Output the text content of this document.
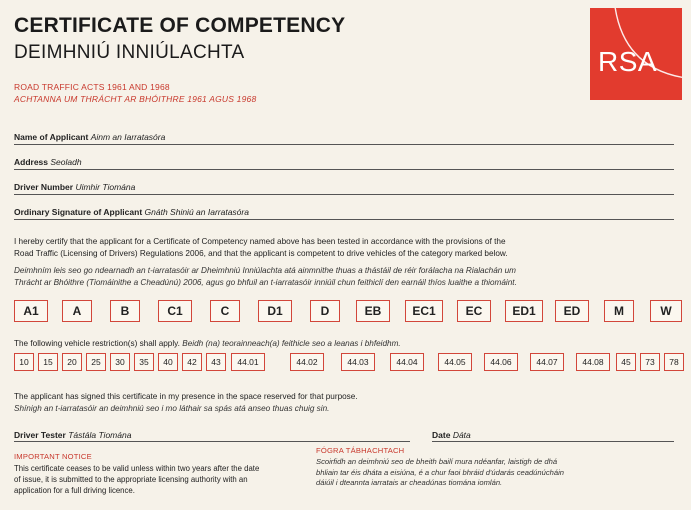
CERTIFICATE OF COMPETENCY
DEIMHNIÚ INNIÚLACHTA
ROAD TRAFFIC ACTS 1961 AND 1968
ACHTANNA UM THRÁCHT AR BHÓITHRE 1961 AGUS 1968
RSA
Name of Applicant Ainm an Iarratasóra
Address Seoladh
Driver Number Uimhir Tiomána
Ordinary Signature of Applicant Gnáth Shiniú an Iarratasóra
I hereby certify that the applicant for a Certificate of Competency named above has been tested in accordance with the provisions of the
Road Traffic (Licensing of Drivers) Regulations 2006, and that the applicant is competent to drive vehicles of the category marked below.
Deimhním leis seo go ndearnadh an t-iarratasóir ar Dheimhniú Inniúlachta atá ainmnithe thuas a thástáil de réir forálacha na Rialachán um
Thrácht ar Bhóithre (Tiomáinithe a Cheadúnú) 2006, agus go bhfuil an t-iarratasóir inniúil chun feithiclí den earnáil thíos luaithe a thiomáint.
A1	A	B	C1	C	D1	D	EB	EC1	EC	ED1	ED	M	W
The following vehicle restriction(s) shall apply. Beidh (na) teorainneach(a) feithicle seo a leanas i bhfeidhm.
10	15	20	25	30	35	40	42	43	44.01	44.02	44.03	44.04	44.05	44.06	44.07	44.08	45	73	78
The applicant has signed this certificate in my presence in the space reserved for that purpose.
Shínigh an t-iarratasóir an deimhniú seo i mo láthair sa spás atá anseo thuas chuig sin.
Driver Tester Tástála Tiomána	Date Dáta
IMPORTANT NOTICE
This certificate ceases to be valid unless within two years after the date
of issue, it is submitted to the appropriate licensing authority with an
application for a full driving licence.
FÓGRA TÁBHACHTACH
Scoirfidh an deimhniú seo de bheith bailí mura ndéanfar, laistigh de dhá
bhliain tar éis dháta a eisiúna, é a chur faoi bhráid d'údarás ceadúnúcháin
dáiúil i dteannta iarratais ar cheadúnas tiomána iomlán.
